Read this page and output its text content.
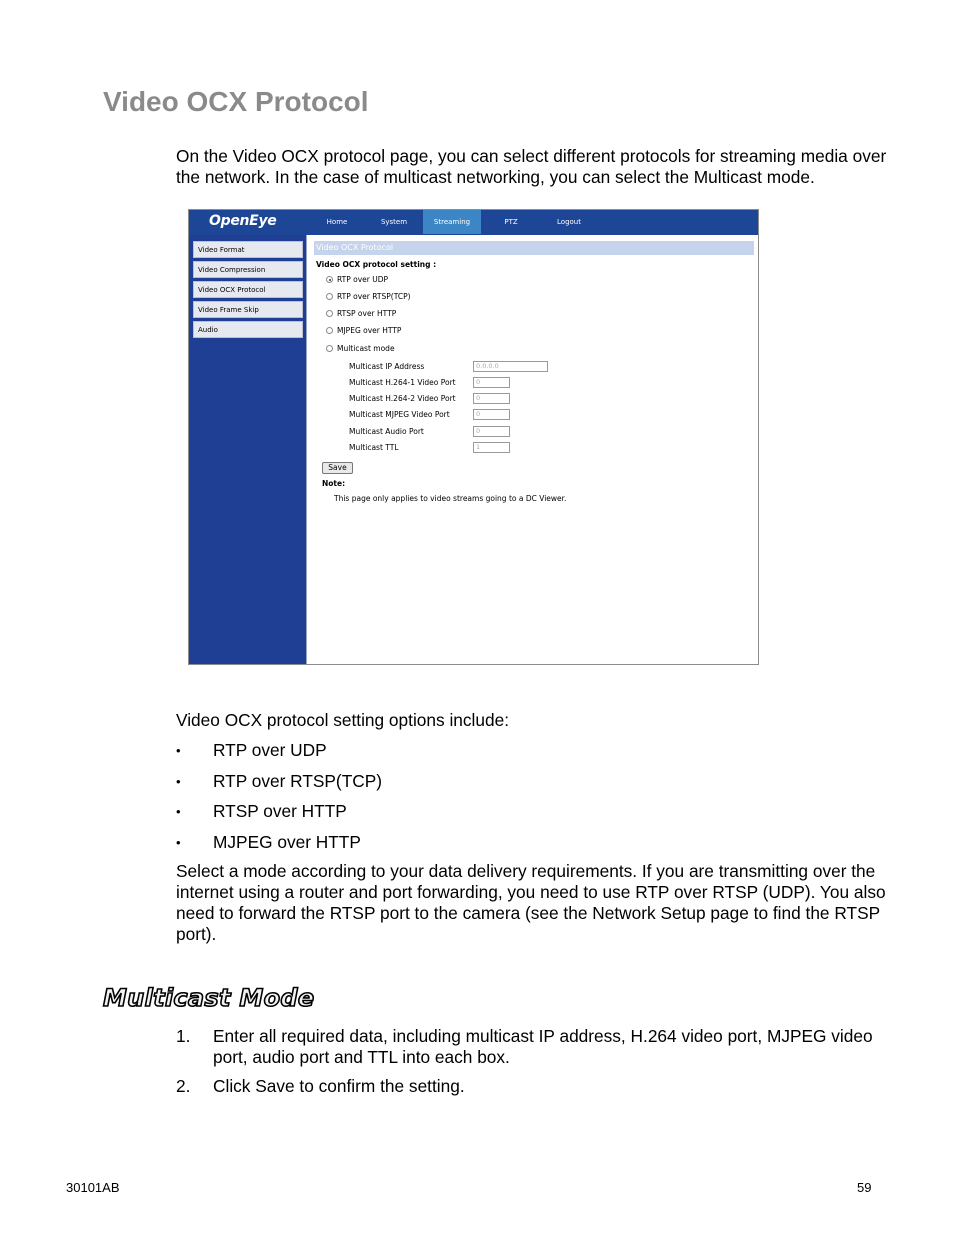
Video OCX Protocol

On the Video OCX protocol page, you can select different protocols for streaming media over the network. In the case of multicast networking, you can select the Multicast mode.

OpenEye	Home	System	Streaming	PTZ	Logout
Video Format
Video Compression
Video OCX Protocol
Video Frame Skip
Audio
Video OCX Protocol
Video OCX protocol setting :
RTP over UDP
RTP over RTSP(TCP)
RTSP over HTTP
MJPEG over HTTP
Multicast mode
Multicast IP Address	0.0.0.0
Multicast H.264-1 Video Port	0
Multicast H.264-2 Video Port	0
Multicast MJPEG Video Port	0
Multicast Audio Port	0
Multicast TTL	1
Save
Note:
This page only applies to video streams going to a DC Viewer.

Video OCX protocol setting options include:

•	RTP over UDP
•	RTP over RTSP(TCP)
•	RTSP over HTTP
•	MJPEG over HTTP

Select a mode according to your data delivery requirements. If you are transmitting over the internet using a router and port forwarding, you need to use RTP over RTSP (UDP). You also need to forward the RTSP port to the camera (see the Network Setup page to find the RTSP port).

Multicast Mode
1. Enter all required data, including multicast IP address, H.264 video port, MJPEG video port, audio port and TTL into each box.
2. Click Save to confirm the setting.
30101AB	59
